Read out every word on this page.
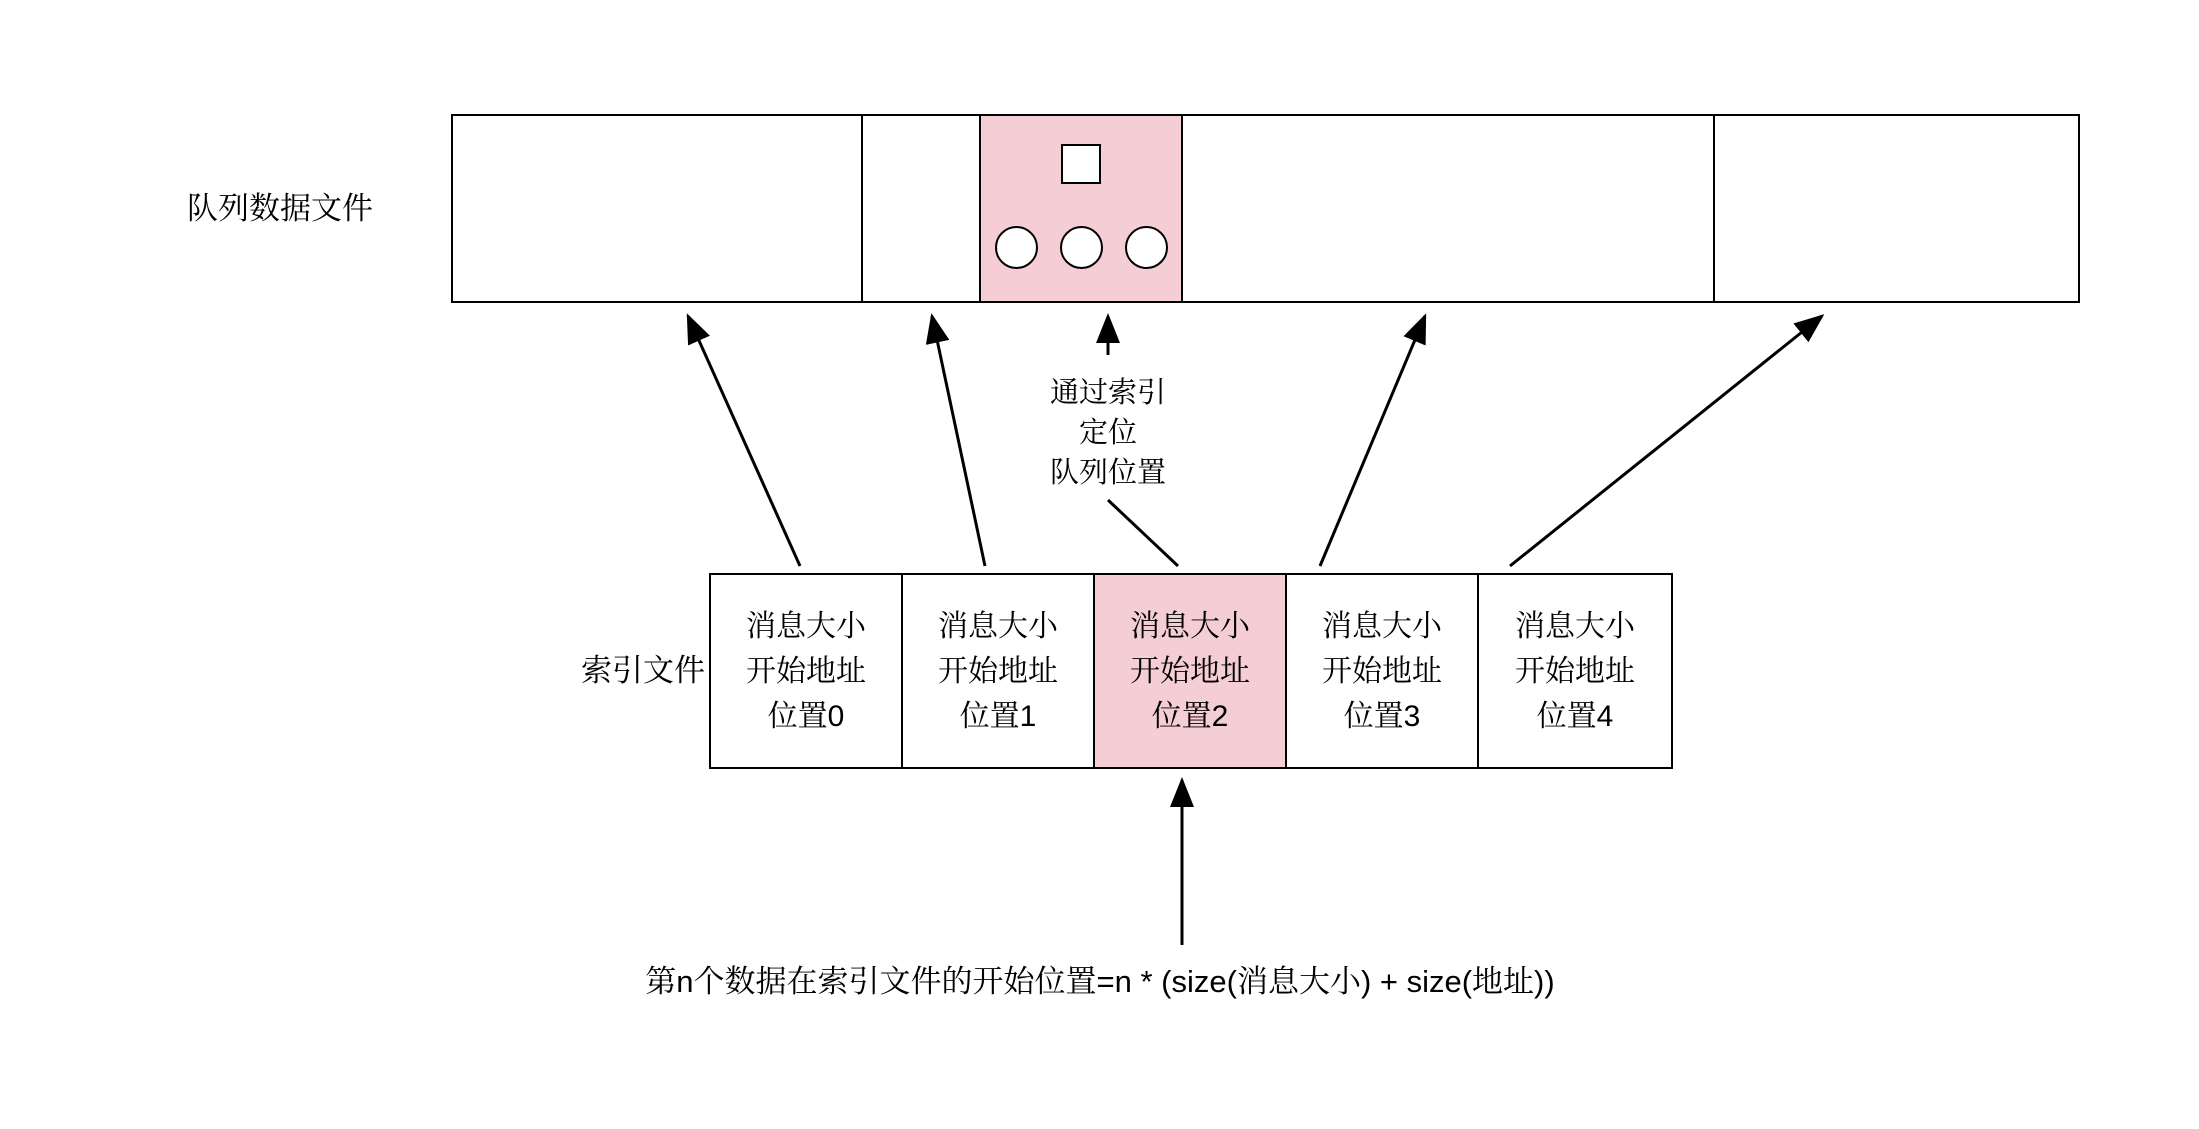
队列数据文件
通过索引
定位
队列位置
索引文件
消息大小
开始地址
位置0
消息大小
开始地址
位置1
消息大小
开始地址
位置2
消息大小
开始地址
位置3
消息大小
开始地址
位置4
第n个数据在索引文件的开始位置=n * (size(消息大小) + size(地址))
